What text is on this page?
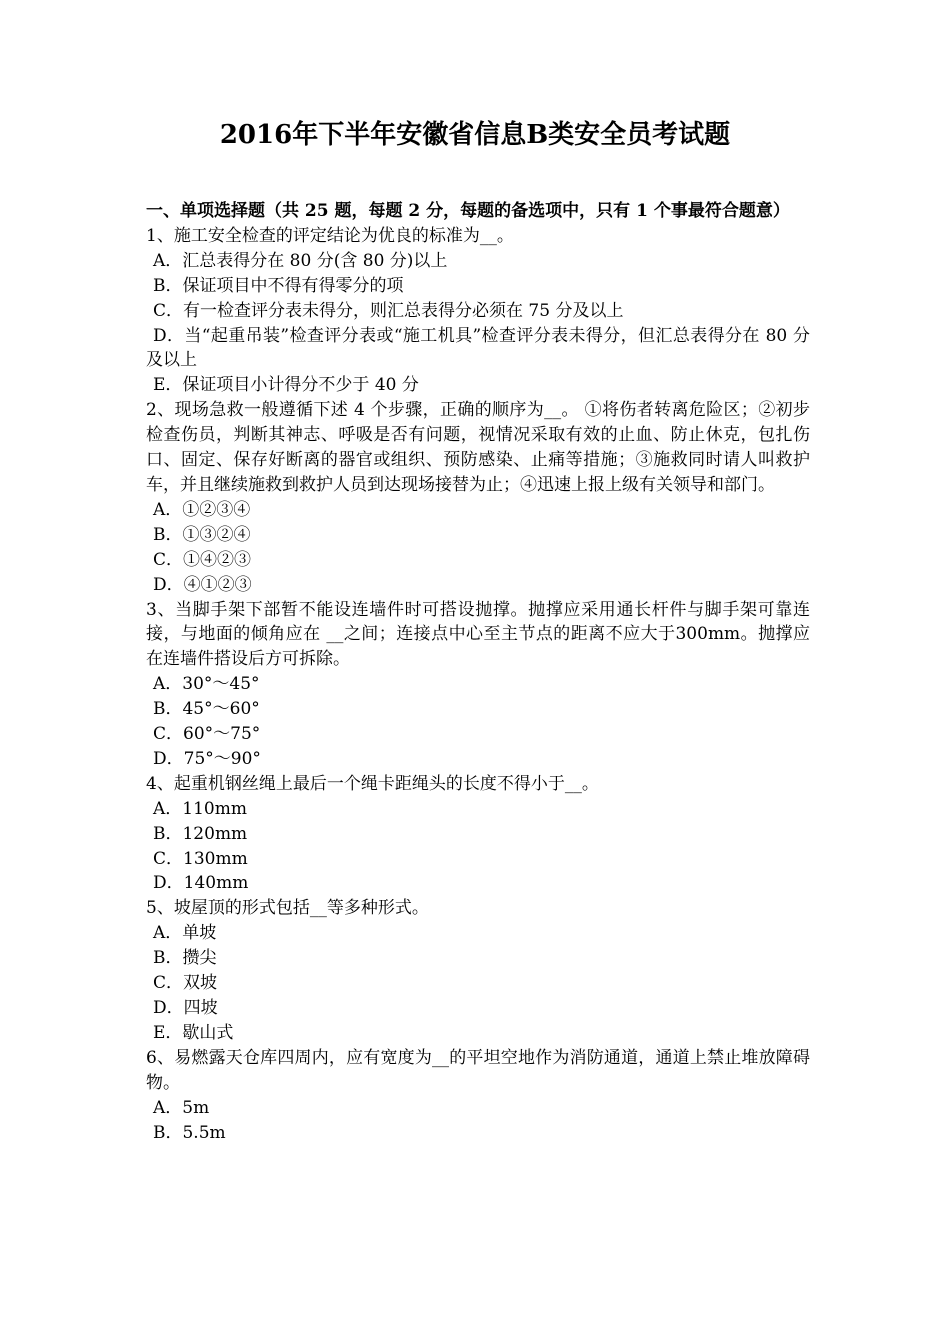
2016年下半年安徽省信息B类安全员考试题
一、单项选择题（共 25 题，每题 2 分，每题的备选项中，只有 1 个事最符合题意）
1、施工安全检查的评定结论为优良的标准为__。
A．汇总表得分在 80 分(含 80 分)以上
B．保证项目中不得有得零分的项
C．有一检查评分表未得分，则汇总表得分必须在 75 分及以上
D．当“起重吊装”检查评分表或“施工机具”检查评分表未得分，但汇总表得分在 80 分及以上
E．保证项目小计得分不少于 40 分
2、现场急救一般遵循下述 4 个步骤，正确的顺序为__。 ①将伤者转离危险区；②初步检查伤员，判断其神志、呼吸是否有问题，视情况采取有效的止血、防止休克，包扎伤口、固定、保存好断离的器官或组织、预防感染、止痛等措施；③施救同时请人叫救护车，并且继续施救到救护人员到达现场接替为止；④迅速上报上级有关领导和部门。
A．①②③④
B．①③②④
C．①④②③
D．④①②③
3、当脚手架下部暂不能设连墙件时可搭设抛撑。抛撑应采用通长杆件与脚手架可靠连接，与地面的倾角应在 __之间；连接点中心至主节点的距离不应大于300mm。抛撑应在连墙件搭设后方可拆除。
A．30°～45°
B．45°～60°
C．60°～75°
D．75°～90°
4、起重机钢丝绳上最后一个绳卡距绳头的长度不得小于__。
A．110mm
B．120mm
C．130mm
D．140mm
5、坡屋顶的形式包括__等多种形式。
A．单坡
B．攒尖
C．双坡
D．四坡
E．歇山式
6、易燃露天仓库四周内，应有宽度为__的平坦空地作为消防通道，通道上禁止堆放障碍物。
A．5m
B．5.5m
